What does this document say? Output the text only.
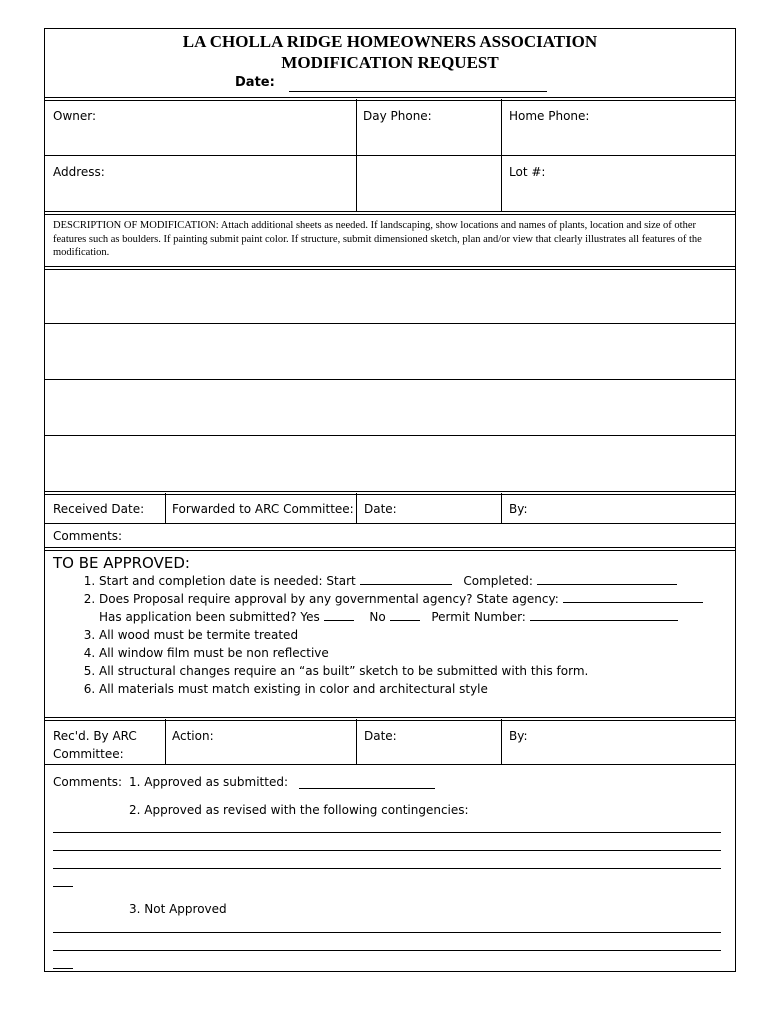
LA CHOLLA RIDGE HOMEOWNERS ASSOCIATION
MODIFICATION REQUEST
Date:
Owner:	Day Phone:	Home Phone:
Address:	Lot #:
DESCRIPTION OF MODIFICATION: Attach additional sheets as needed. If landscaping, show locations and names of plants, location and size of other features such as boulders. If painting submit paint color. If structure, submit dimensioned sketch, plan and/or view that clearly illustrates all features of the modification.
Received Date: Forwarded to ARC Committee: Date:	By:
Comments:
TO BE APPROVED:
1. Start and completion date is needed: Start	Completed:
2. Does Proposal require approval by any governmental agency? State agency:
Has application been submitted? Yes	No	Permit Number:
3. All wood must be termite treated
4. All window film must be non reflective
5. All structural changes require an “as built” sketch to be submitted with this form.
6. All materials must match existing in color and architectural style
Rec'd. By ARC
Committee:
Action:	Date:	By:
Comments: 1. Approved as submitted:
2. Approved as revised with the following contingencies:
3. Not Approved
